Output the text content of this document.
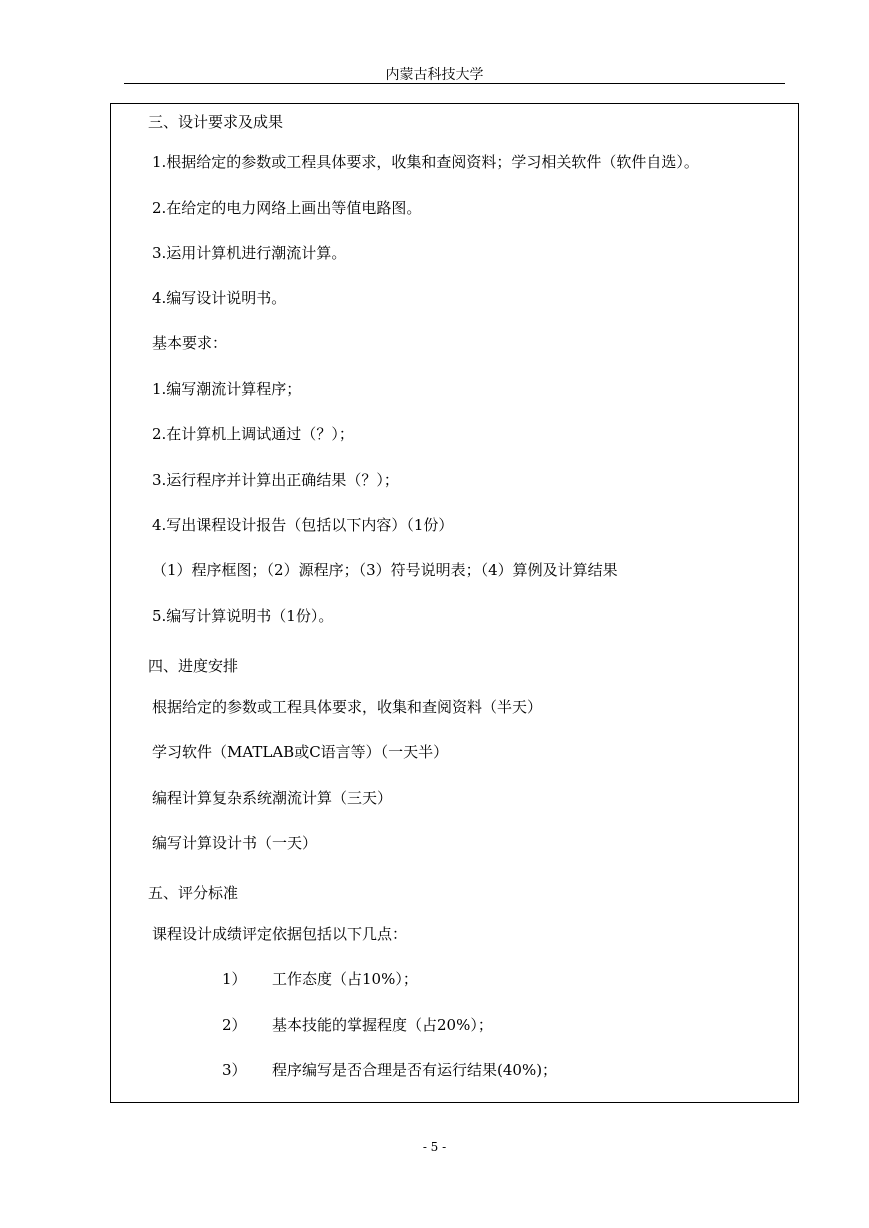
内蒙古科技大学
三、设计要求及成果
1.根据给定的参数或工程具体要求，收集和查阅资料；学习相关软件（软件自选）。
2.在给定的电力网络上画出等值电路图。
3.运用计算机进行潮流计算。
4.编写设计说明书。
基本要求：
1.编写潮流计算程序；
2.在计算机上调试通过（？）；
3.运行程序并计算出正确结果（？）；
4.写出课程设计报告（包括以下内容）（1份）
（1）程序框图；（2）源程序；（3）符号说明表；（4）算例及计算结果
5.编写计算说明书（1份）。
四、进度安排
根据给定的参数或工程具体要求，收集和查阅资料（半天）
学习软件（MATLAB或C语言等）（一天半）
编程计算复杂系统潮流计算（三天）
编写计算设计书（一天）
五、评分标准
课程设计成绩评定依据包括以下几点：
1） 工作态度（占10%）；
2） 基本技能的掌握程度（占20%）；
3） 程序编写是否合理是否有运行结果(40%)；
- 5 -
